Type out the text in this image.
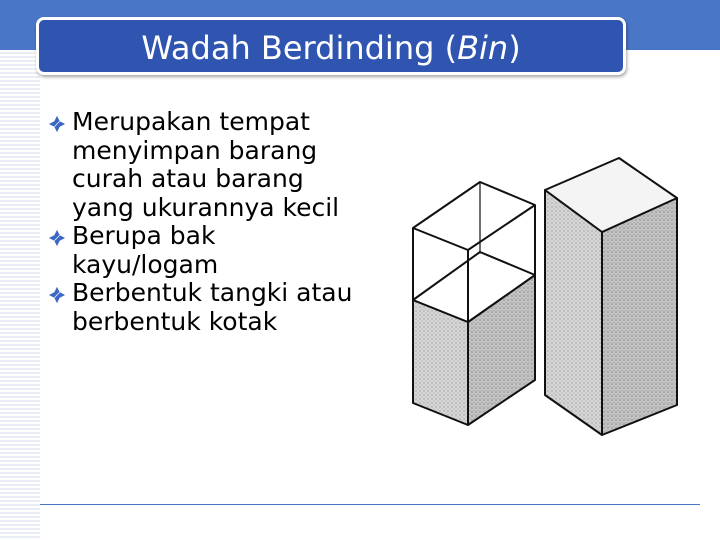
Wadah Berdinding (Bin)
Merupakan tempat menyimpan barang curah atau barang yang ukurannya kecil
Berupa bak kayu/logam
Berbentuk tangki atau berbentuk kotak
